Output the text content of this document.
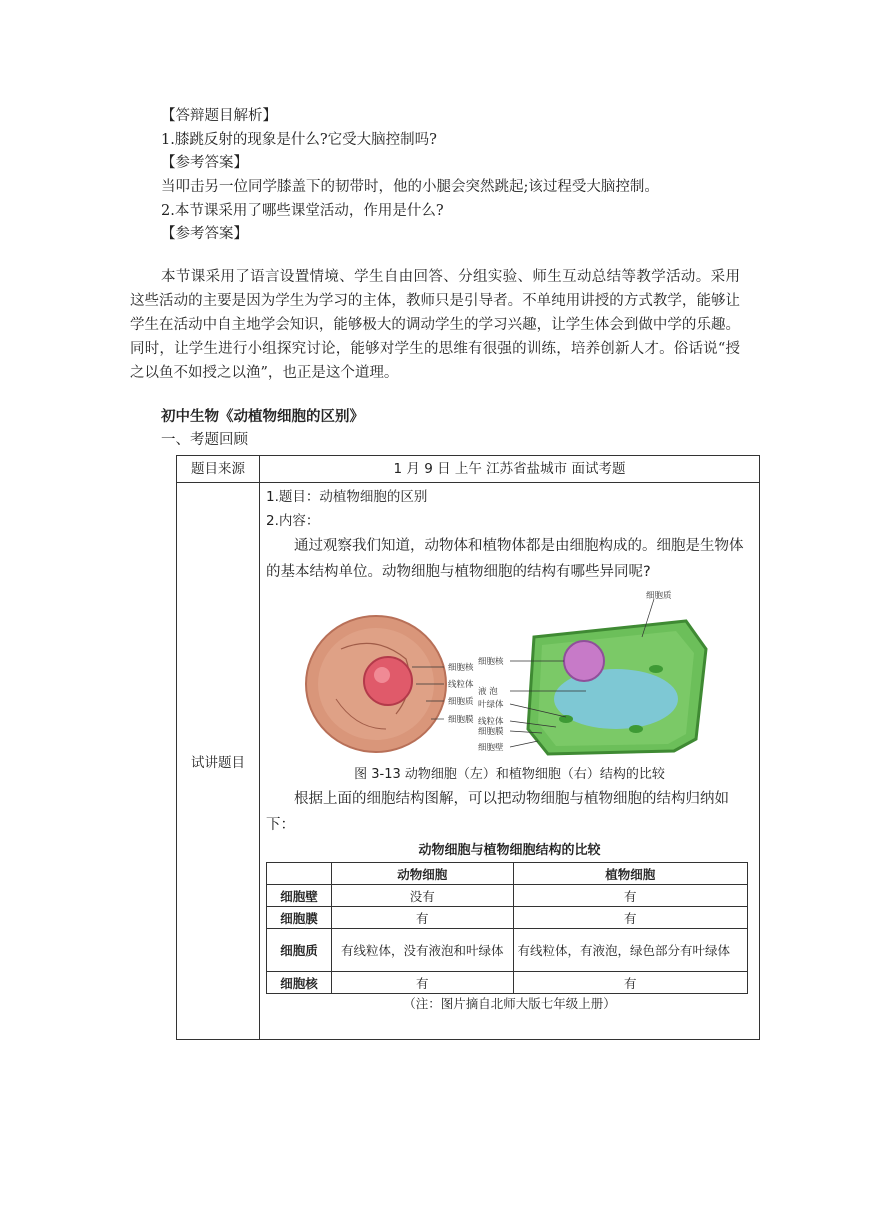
【答辩题目解析】
1.膝跳反射的现象是什么?它受大脑控制吗?
【参考答案】
当叩击另一位同学膝盖下的韧带时，他的小腿会突然跳起;该过程受大脑控制。
2.本节课采用了哪些课堂活动，作用是什么?
【参考答案】
本节课采用了语言设置情境、学生自由回答、分组实验、师生互动总结等教学活动。采用这些活动的主要是因为学生为学习的主体，教师只是引导者。不单纯用讲授的方式教学，能够让学生在活动中自主地学会知识，能够极大的调动学生的学习兴趣，让学生体会到做中学的乐趣。同时，让学生进行小组探究讨论，能够对学生的思维有很强的训练，培养创新人才。俗话说“授之以鱼不如授之以渔”，也正是这个道理。
初中生物《动植物细胞的区别》
一、考题回顾
题目来源	1 月 9 日 上午 江苏省盐城市 面试考题
试讲题目	
1.题目：动植物细胞的区别
2.内容：
通过观察我们知道，动物体和植物体都是由细胞构成的。细胞是生物体的基本结构单位。动物细胞与植物细胞的结构有哪些异同呢?
细胞核
线粒体
细胞质
细胞膜
细胞质
细胞核
液 泡
叶绿体
线粒体
细胞膜
细胞壁
图 3-13 动物细胞（左）和植物细胞（右）结构的比较
根据上面的细胞结构图解，可以把动物细胞与植物细胞的结构归纳如下：
动物细胞与植物细胞结构的比较
	动物细胞	植物细胞
细胞壁	没有	有
细胞膜	有	有
细胞质	有线粒体，没有液泡和叶绿体	有线粒体，有液泡，绿色部分有叶绿体
细胞核	有	有
（注：图片摘自北师大版七年级上册）
